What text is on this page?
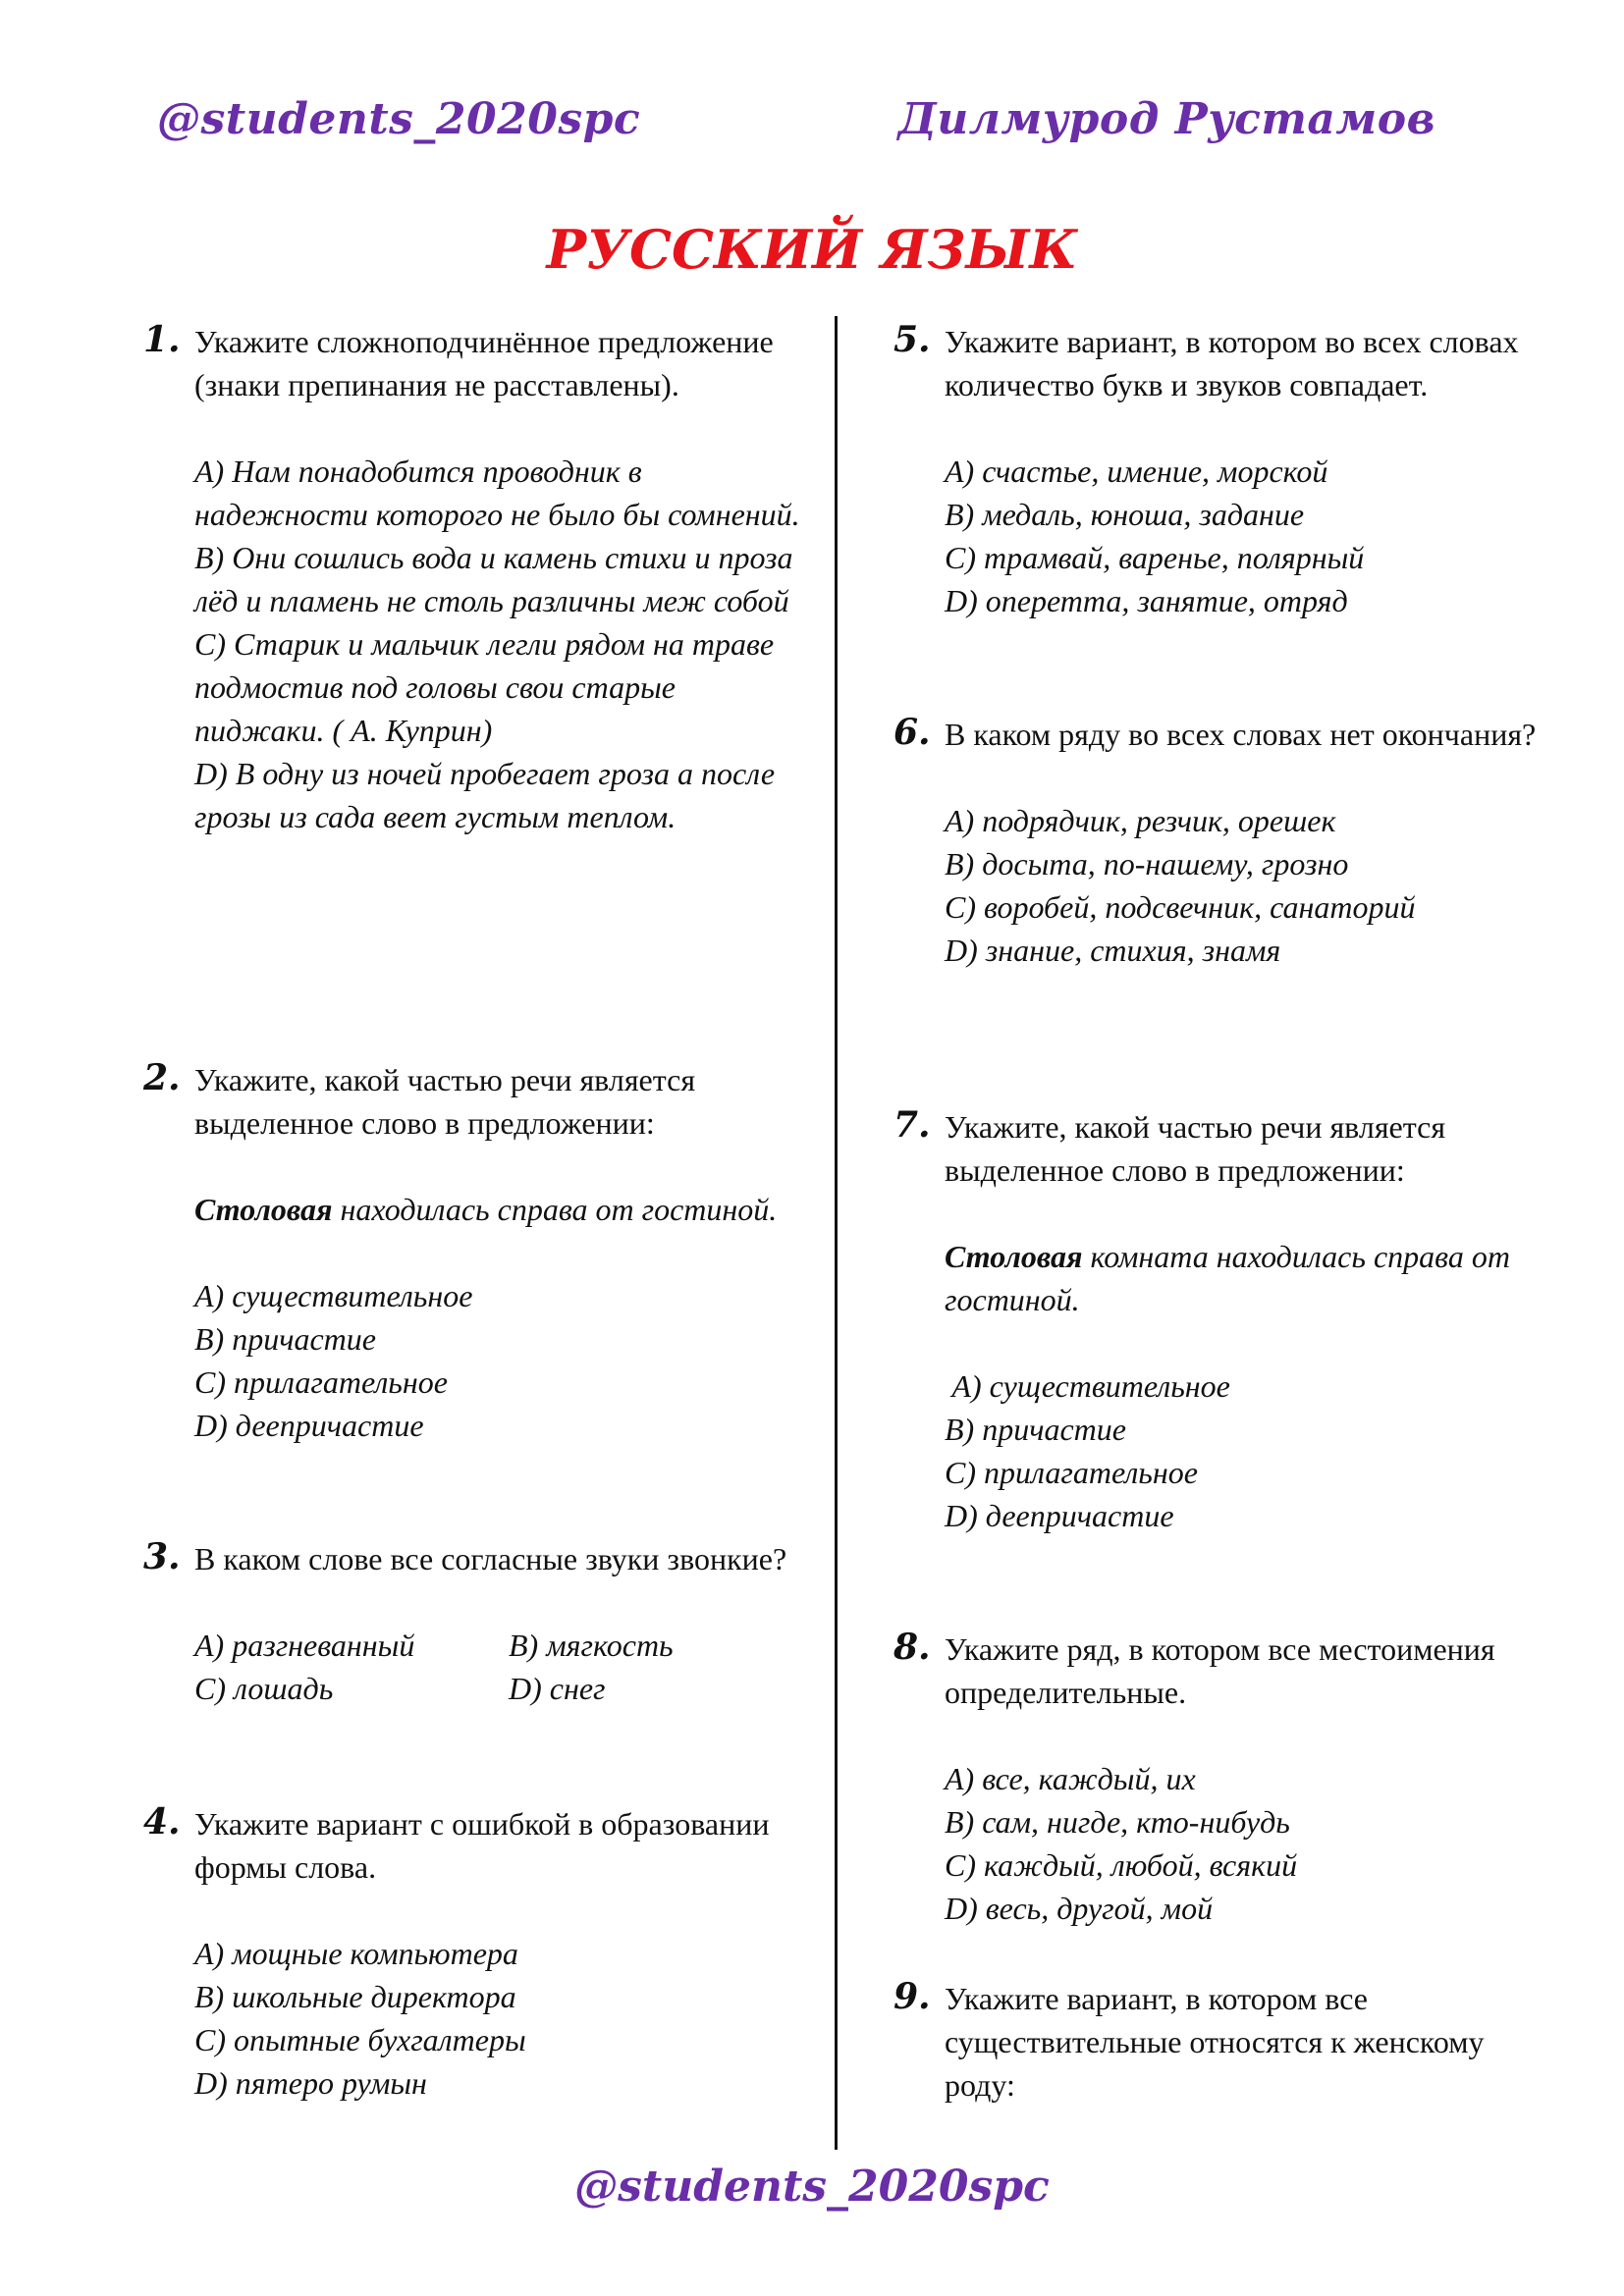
@students_2020spc	Дилмурод Рустамов
РУССКИЙ ЯЗЫК
1. Укажите сложноподчинённое предложение (знаки препинания не расставлены).
A) Нам понадобится проводник в надежности которого не было бы сомнений.
B) Они сошлись вода и камень стихи и проза лёд и пламень не столь различны меж собой
C) Старик и мальчик легли рядом на траве подмостив под головы свои старые пиджаки. ( А. Куприн)
D) В одну из ночей пробегает гроза а после грозы из сада веет густым теплом.
2. Укажите, какой частью речи является выделенное слово в предложении:
Столовая находилась справа от гостиной.
A) существительное
B) причастие
C) прилагательное
D) деепричастие
3. В каком слове все согласные звуки звонкие?
A) разгневанный	B) мягкость
C) лошадь	D) снег
4. Укажите вариант с ошибкой в образовании формы слова.
A) мощные компьютера
B) школьные директора
C) опытные бухгалтеры
D) пятеро румын
5. Укажите вариант, в котором во всех словах количество букв и звуков совпадает.
A) счастье, имение, морской
B) медаль, юноша, задание
C) трамвай, варенье, полярный
D) оперетта, занятие, отряд
6. В каком ряду во всех словах нет окончания?
A) подрядчик, резчик, орешек
B) досыта, по-нашему, грозно
C) воробей, подсвечник, санаторий
D) знание, стихия, знамя
7. Укажите, какой частью речи является выделенное слово в предложении:
Столовая комната находилась справа от гостиной.
A) существительное
B) причастие
C) прилагательное
D) деепричастие
8. Укажите ряд, в котором все местоимения определительные.
A) все, каждый, их
B) сам, нигде, кто-нибудь
C) каждый, любой, всякий
D) весь, другой, мой
9. Укажите вариант, в котором все существительные относятся к женскому роду:
@students_2020spc
